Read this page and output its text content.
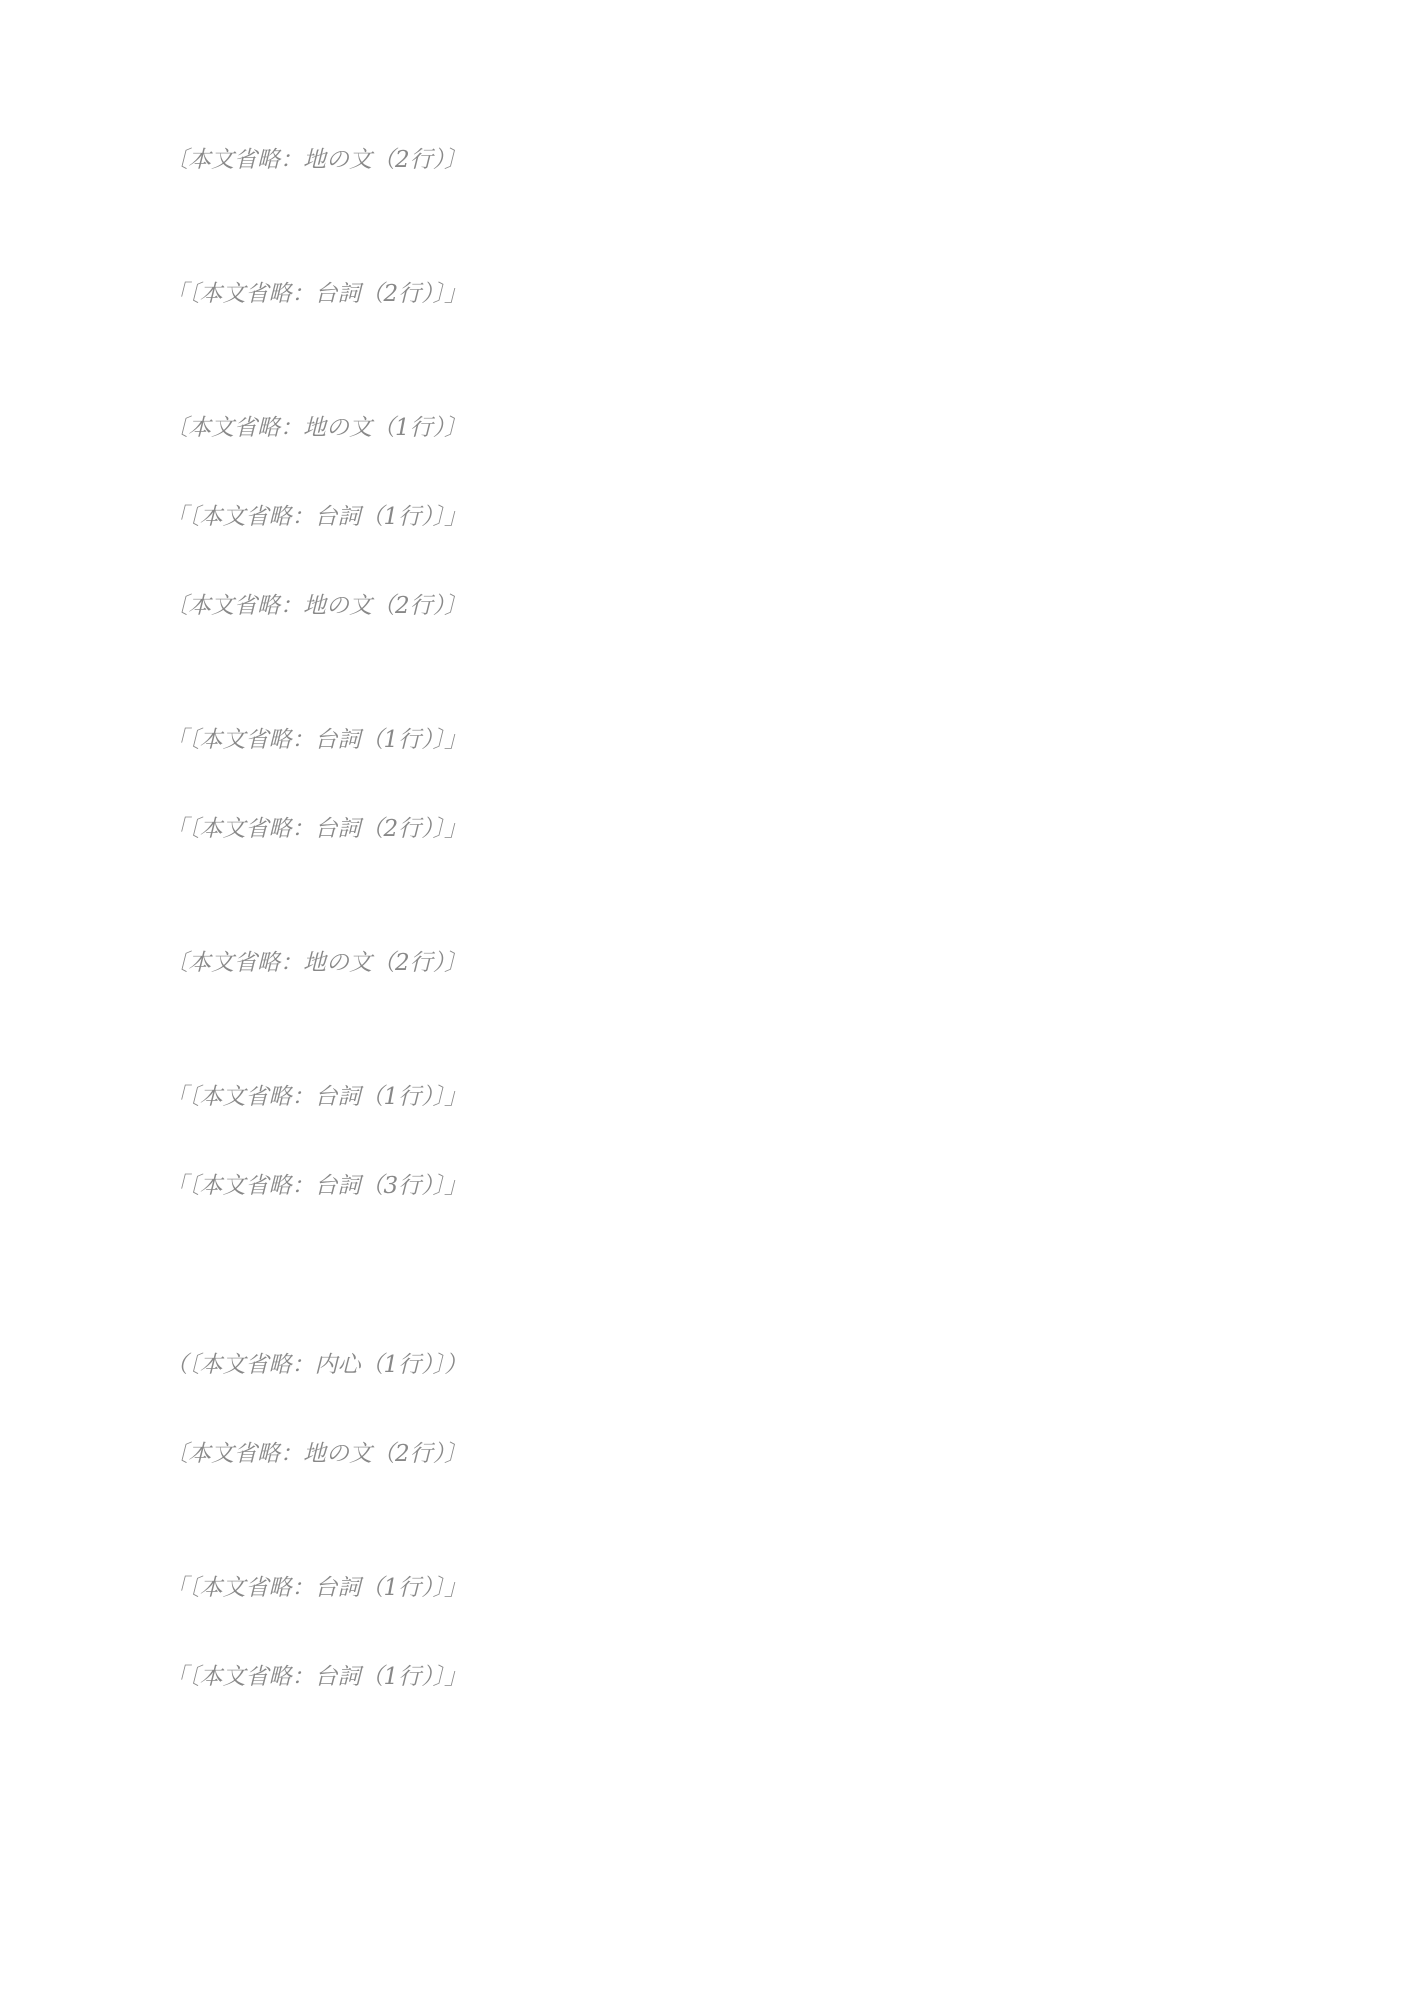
〔本文省略：地の文（2行）〕

「〔本文省略：台詞（2行）〕」

〔本文省略：地の文（1行）〕

「〔本文省略：台詞（1行）〕」

〔本文省略：地の文（2行）〕

「〔本文省略：台詞（1行）〕」

「〔本文省略：台詞（2行）〕」

〔本文省略：地の文（2行）〕

「〔本文省略：台詞（1行）〕」

「〔本文省略：台詞（3行）〕」

（〔本文省略：内心（1行）〕）

〔本文省略：地の文（2行）〕

「〔本文省略：台詞（1行）〕」

「〔本文省略：台詞（1行）〕」
